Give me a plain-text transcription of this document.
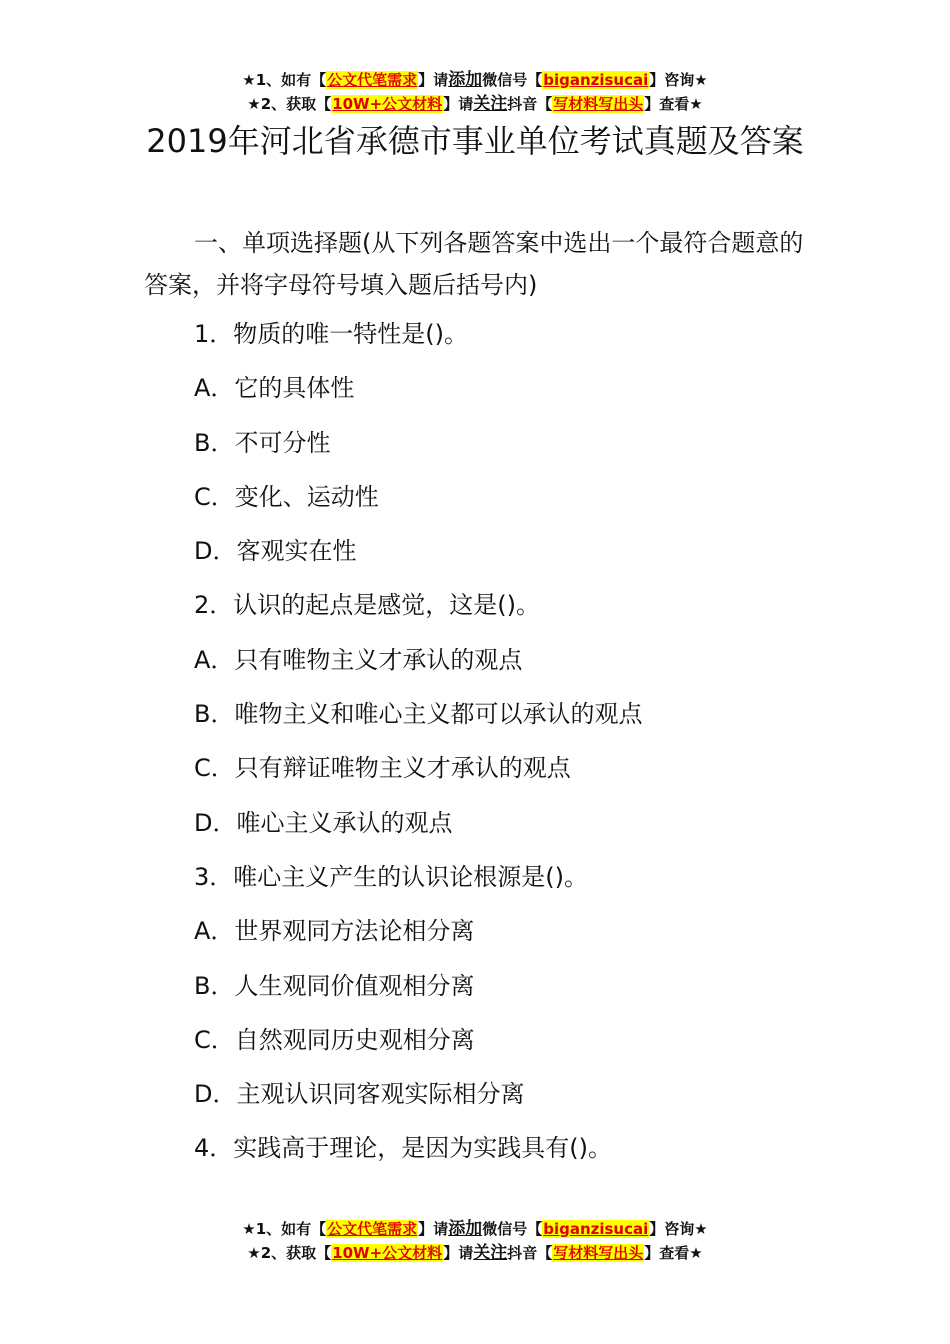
★1、如有【公文代笔需求】请添加微信号【biganzisucai】咨询★
★2、获取【10W+公文材料】请关注抖音【写材料写出头】查看★
2019年河北省承德市事业单位考试真题及答案

一、单项选择题(从下列各题答案中选出一个最符合题意的答案，并将字母符号填入题后括号内)

1．物质的唯一特性是()。
A．它的具体性
B．不可分性
C．变化、运动性
D．客观实在性
2．认识的起点是感觉，这是()。
A．只有唯物主义才承认的观点
B．唯物主义和唯心主义都可以承认的观点
C．只有辩证唯物主义才承认的观点
D．唯心主义承认的观点
3．唯心主义产生的认识论根源是()。
A．世界观同方法论相分离
B．人生观同价值观相分离
C．自然观同历史观相分离
D．主观认识同客观实际相分离
4．实践高于理论，是因为实践具有()。
★1、如有【公文代笔需求】请添加微信号【biganzisucai】咨询★
★2、获取【10W+公文材料】请关注抖音【写材料写出头】查看★
